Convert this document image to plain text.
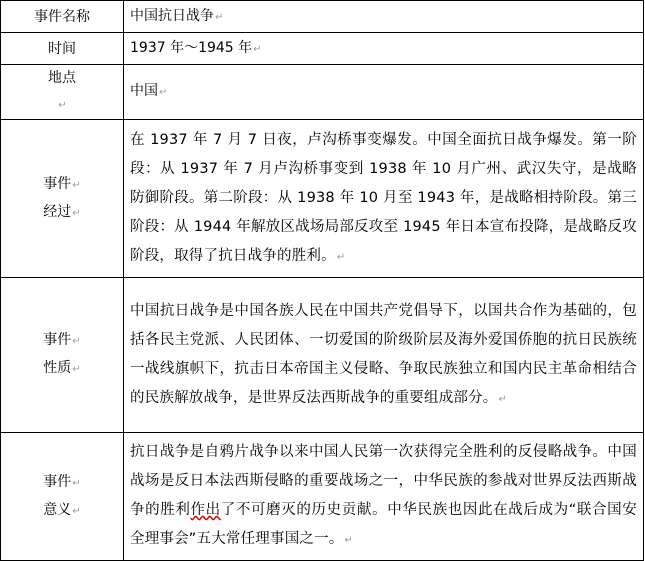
事件名称	中国抗日战争↵

时间	1937 年～1945 年↵

地点
↵	中国↵

事件↵
经过↵	在 1937 年 7 月 7 日夜，卢沟桥事变爆发。中国全面抗日战争爆发。第一阶段：从 1937 年 7 月卢沟桥事变到 1938 年 10 月广州、武汉失守，是战略防御阶段。第二阶段：从 1938 年 10 月至 1943 年，是战略相持阶段。第三阶段：从 1944 年解放区战场局部反攻至 1945 年日本宣布投降，是战略反攻阶段，取得了抗日战争的胜利。↵

事件↵
性质↵	中国抗日战争是中国各族人民在中国共产党倡导下，以国共合作为基础的，包括各民主党派、人民团体、一切爱国的阶级阶层及海外爱国侨胞的抗日民族统一战线旗帜下，抗击日本帝国主义侵略、争取民族独立和国内民主革命相结合的民族解放战争，是世界反法西斯战争的重要组成部分。↵

事件↵
意义↵	抗日战争是自鸦片战争以来中国人民第一次获得完全胜利的反侵略战争。中国战场是反日本法西斯侵略的重要战场之一，中华民族的参战对世界反法西斯战争的胜利作出了不可磨灭的历史贡献。中华民族也因此在战后成为“联合国安全理事会”五大常任理事国之一。↵
